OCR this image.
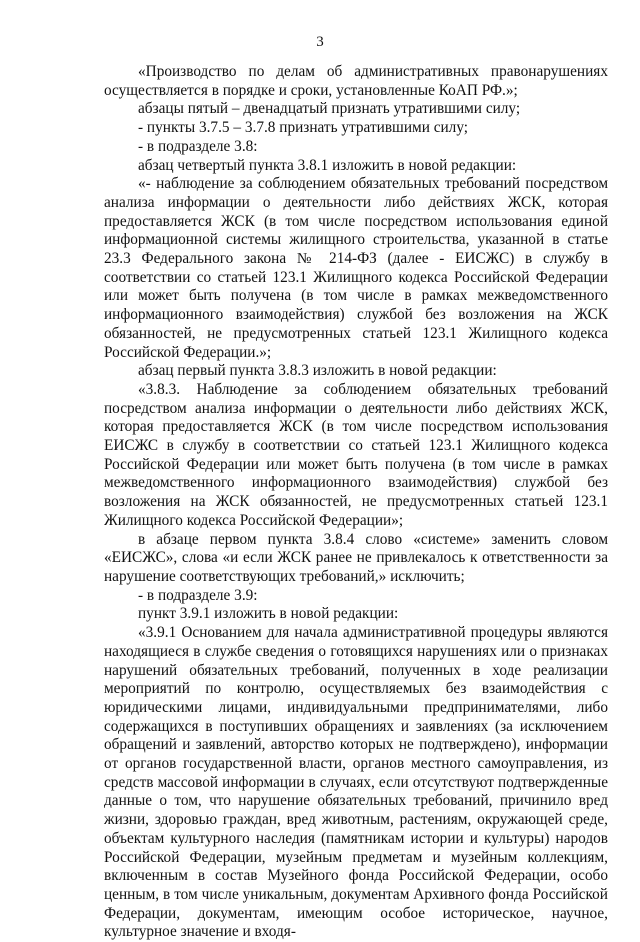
3

«Производство по делам об административных правонарушениях осуществляется в порядке и сроки, установленные КоАП РФ.»;

абзацы пятый – двенадцатый признать утратившими силу;

- пункты 3.7.5 – 3.7.8 признать утратившими силу;

- в подразделе 3.8:

абзац четвертый пункта 3.8.1 изложить в новой редакции:

«- наблюдение за соблюдением обязательных требований посредством анализа информации о деятельности либо действиях ЖСК, которая предоставляется ЖСК (в том числе посредством использования единой информационной системы жилищного строительства, указанной в статье 23.3 Федерального закона № 214-ФЗ (далее - ЕИСЖС) в службу в соответствии со статьей 123.1 Жилищного кодекса Российской Федерации или может быть получена (в том числе в рамках межведомственного информационного взаимодействия) службой без возложения на ЖСК обязанностей, не предусмотренных статьей 123.1 Жилищного кодекса Российской Федерации.»;

абзац первый пункта 3.8.3 изложить в новой редакции:

«3.8.3. Наблюдение за соблюдением обязательных требований посредством анализа информации о деятельности либо действиях ЖСК, которая предоставляется ЖСК (в том числе посредством использования ЕИСЖС в службу в соответствии со статьей 123.1 Жилищного кодекса Российской Федерации или может быть получена (в том числе в рамках межведомственного информационного взаимодействия) службой без возложения на ЖСК обязанностей, не предусмотренных статьей 123.1 Жилищного кодекса Российской Федерации»;

в абзаце первом пункта 3.8.4 слово «системе» заменить словом «ЕИСЖС», слова «и если ЖСК ранее не привлекалось к ответственности за нарушение соответствующих требований,» исключить;

- в подразделе 3.9:

пункт 3.9.1 изложить в новой редакции:

«3.9.1 Основанием для начала административной процедуры являются находящиеся в службе сведения о готовящихся нарушениях или о признаках нарушений обязательных требований, полученных в ходе реализации мероприятий по контролю, осуществляемых без взаимодействия с юридическими лицами, индивидуальными предпринимателями, либо содержащихся в поступивших обращениях и заявлениях (за исключением обращений и заявлений, авторство которых не подтверждено), информации от органов государственной власти, органов местного самоуправления, из средств массовой информации в случаях, если отсутствуют подтвержденные данные о том, что нарушение обязательных требований, причинило вред жизни, здоровью граждан, вред животным, растениям, окружающей среде, объектам культурного наследия (памятникам истории и культуры) народов Российской Федерации, музейным предметам и музейным коллекциям, включенным в состав Музейного фонда Российской Федерации, особо ценным, в том числе уникальным, документам Архивного фонда Российской Федерации, документам, имеющим особое историческое, научное, культурное значение и входя-
